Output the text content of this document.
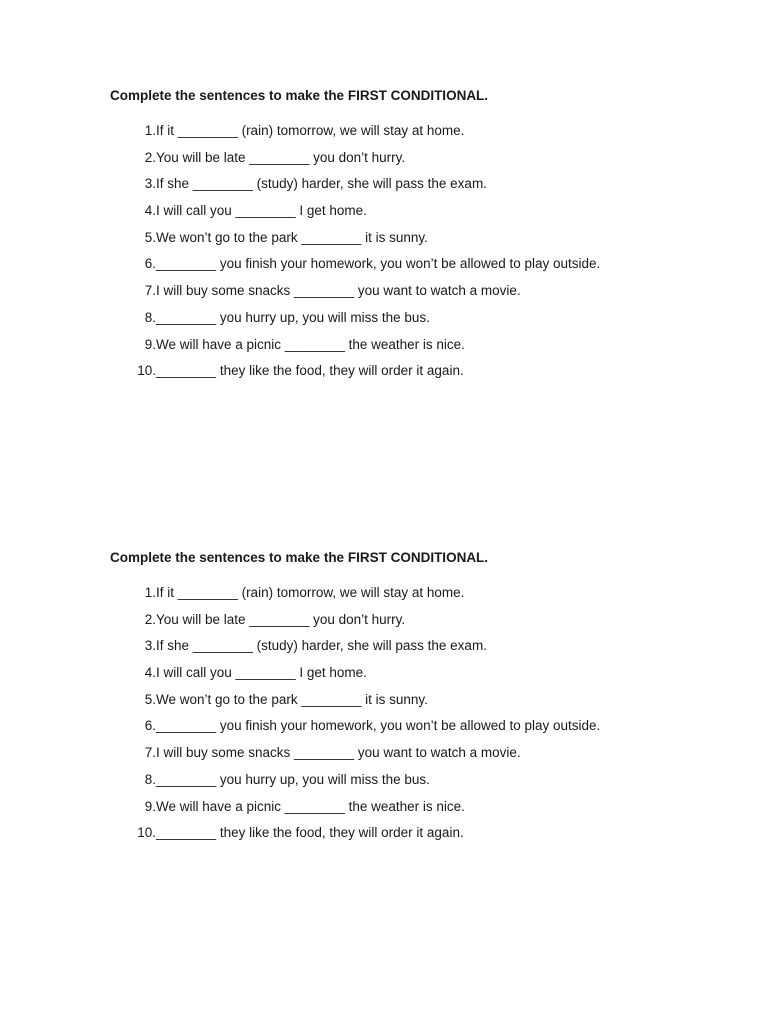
Complete the sentences to make the FIRST CONDITIONAL.
1. If it ________ (rain) tomorrow, we will stay at home.
2. You will be late ________ you don’t hurry.
3. If she ________ (study) harder, she will pass the exam.
4. I will call you ________ I get home.
5. We won’t go to the park ________ it is sunny.
6. ________ you finish your homework, you won’t be allowed to play outside.
7. I will buy some snacks ________ you want to watch a movie.
8. ________ you hurry up, you will miss the bus.
9. We will have a picnic ________ the weather is nice.
10. ________ they like the food, they will order it again.
Complete the sentences to make the FIRST CONDITIONAL.
1. If it ________ (rain) tomorrow, we will stay at home.
2. You will be late ________ you don’t hurry.
3. If she ________ (study) harder, she will pass the exam.
4. I will call you ________ I get home.
5. We won’t go to the park ________ it is sunny.
6. ________ you finish your homework, you won’t be allowed to play outside.
7. I will buy some snacks ________ you want to watch a movie.
8. ________ you hurry up, you will miss the bus.
9. We will have a picnic ________ the weather is nice.
10. ________ they like the food, they will order it again.
